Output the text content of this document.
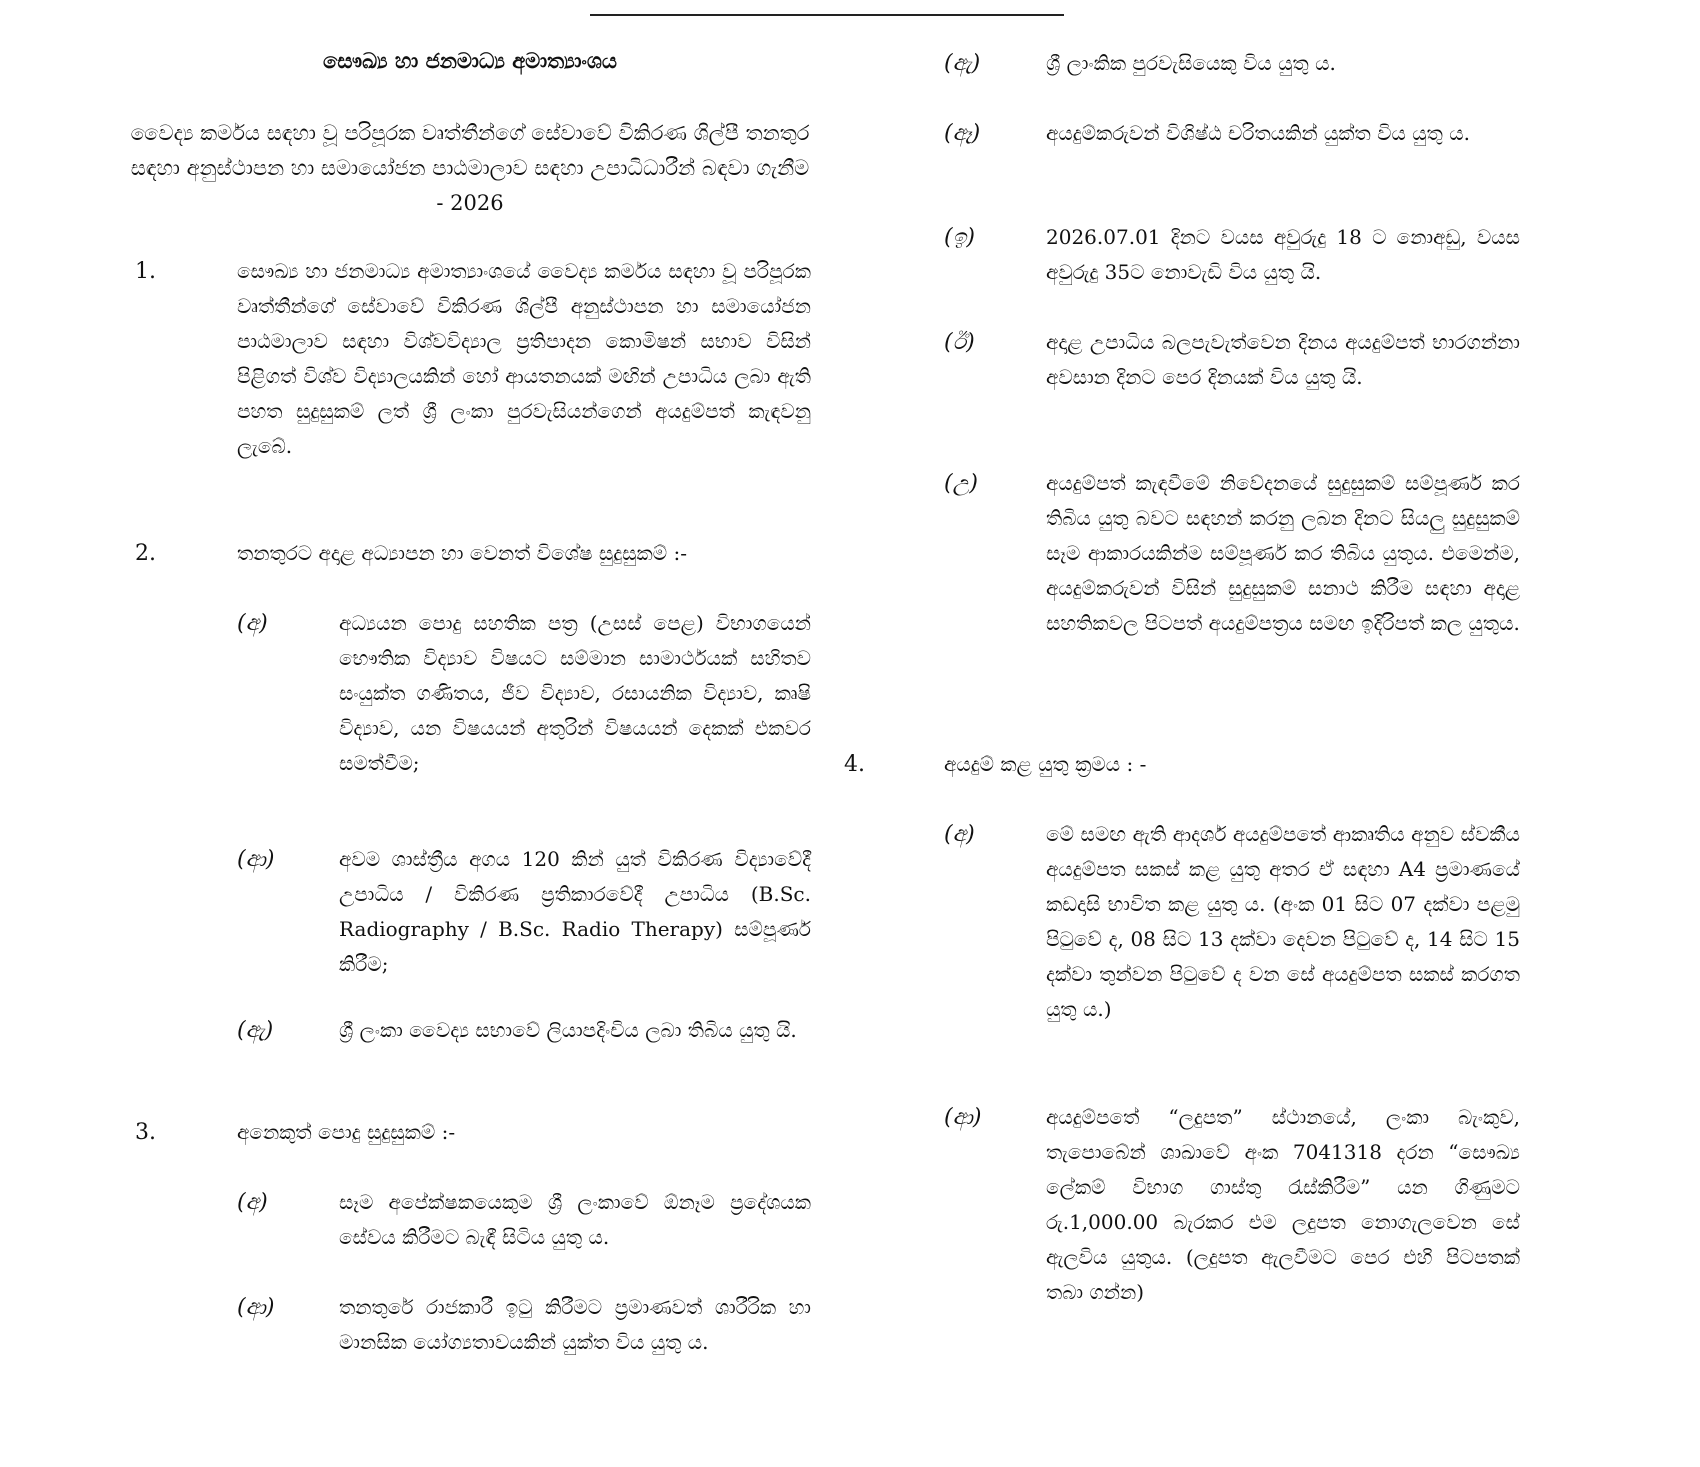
සෞඛ්‍ය හා ජනමාධ්‍ය අමාත්‍යාංශය
වෛද්‍ය කර්මය සඳහා වූ පරිපූරක වෘත්තීන්ගේ සේවාවේ විකිරණ ශිල්පී තනතුර සඳහා අනුස්ථාපන හා සමායෝජන පාඨමාලාව සඳහා උපාධිධාරීන් බඳවා ගැනීම - 2026
1.	සෞඛ්‍ය හා ජනමාධ්‍ය අමාත්‍යාංශයේ වෛද්‍ය කර්මය සඳහා වූ පරිපූරක වෘත්තීන්ගේ සේවාවේ විකිරණ ශිල්පී අනුස්ථාපන හා සමායෝජන පාඨමාලාව සඳහා විශ්වවිද්‍යාල ප්‍රතිපාදන කොමිෂන් සභාව විසින් පිළිගත් විශ්ව විද්‍යාලයකින් හෝ ආයතනයක් මඟින් උපාධිය ලබා ඇති පහත සුදුසුකම් ලත් ශ්‍රී ලංකා පුරවැසියන්ගෙන් අයදුම්පත් කැඳවනු ලැබේ.
2.	තනතුරට අදාළ අධ්‍යාපන හා වෙනත් විශේෂ සුදුසුකම් :-
(අ)	අධ්‍යයන පොදු සහතික පත්‍ර (උසස් පෙළ) විභාගයෙන් භෞතික විද්‍යාව විෂයට සම්මාන සාමාර්ථයක් සහිතව සංයුක්ත ගණිතය, ජීව විද්‍යාව, රසායනික විද්‍යාව, කෘෂි විද්‍යාව, යන විෂයයන් අතුරින් විෂයයන් දෙකක් එකවර සමත්වීම;
(ආ)	අවම ශාස්ත්‍රීය අගය 120 කින් යුත් විකිරණ විද්‍යාවේදී උපාධිය / විකිරණ ප්‍රතිකාරවේදී උපාධිය (B.Sc. Radiography / B.Sc. Radio Therapy) සම්පූර්ණ කිරීම;
(ඇ)	ශ්‍රී ලංකා වෛද්‍ය සභාවේ ලියාපදිංචිය ලබා තිබිය යුතු යි.
3.	අනෙකුත් පොදු සුදුසුකම් :-
(අ)	සෑම අපේක්ෂකයෙකුම ශ්‍රී ලංකාවේ ඕනෑම ප්‍රදේශයක සේවය කිරීමට බැඳී සිටිය යුතු ය.
(ආ)	තනතුරේ රාජකාරී ඉටු කිරීමට ප්‍රමාණවත් ශාරීරික හා මානසික යෝග්‍යතාවයකින් යුක්ත විය යුතු ය.
(ඇ)	ශ්‍රී ලාංකික පුරවැසියෙකු විය යුතු ය.
(ඈ)	අයදුම්කරුවන් විශිෂ්ඨ චරිතයකින් යුක්ත විය යුතු ය.
(ඉ)	2026.07.01 දිනට වයස අවුරුදු 18 ට නොඅඩු, වයස අවුරුදු 35ට නොවැඩි විය යුතු යි.
(ඊ)	අදාළ උපාධිය බලපැවැත්වෙන දිනය අයදුම්පත් භාරගන්නා අවසාන දිනට පෙර දිනයක් විය යුතු යි.
(උ)	අයදුම්පත් කැඳවීමේ නිවේදනයේ සුදුසුකම් සම්පූර්ණ කර තිබිය යුතු බවට සඳහන් කරනු ලබන දිනට සියලු සුදුසුකම් සෑම ආකාරයකින්ම සම්පූර්ණ කර තිබිය යුතුය. එමෙන්ම, අයදුම්කරුවන් විසින් සුදුසුකම් සනාථ කිරීම සඳහා අදාළ සහතිකවල පිටපත් අයදුම්පත්‍රය සමඟ ඉදිරිපත් කල යුතුය.
4.	අයදුම් කළ යුතු ක්‍රමය : -
(අ)	මේ සමඟ ඇති ආදර්ශ අයදුම්පතේ ආකෘතිය අනුව ස්වකීය අයදුම්පත සකස් කළ යුතු අතර ඒ සඳහා A4 ප්‍රමාණයේ කඩදාසි භාවිත කළ යුතු ය. (අංක 01 සිට 07 දක්වා පළමු පිටුවේ ද, 08 සිට 13 දක්වා දෙවන පිටුවේ ද, 14 සිට 15 දක්වා තුන්වන පිටුවේ ද වන සේ අයදුම්පත සකස් කරගත යුතු ය.)
(ආ)	අයදුම්පතේ “ලදුපත” ස්ථානයේ, ලංකා බැංකුව, තැපොබේන් ශාඛාවේ අංක 7041318 දරන “සෞඛ්‍ය ලේකම් විභාග ගාස්තු රැස්කිරීම” යන ගිණුමට රු.1,000.00 බැරකර එම ලදුපත නොගැලවෙන සේ ඇලවිය යුතුය. (ලදුපත ඇලවීමට පෙර එහි පිටපතක් තබා ගන්න)
